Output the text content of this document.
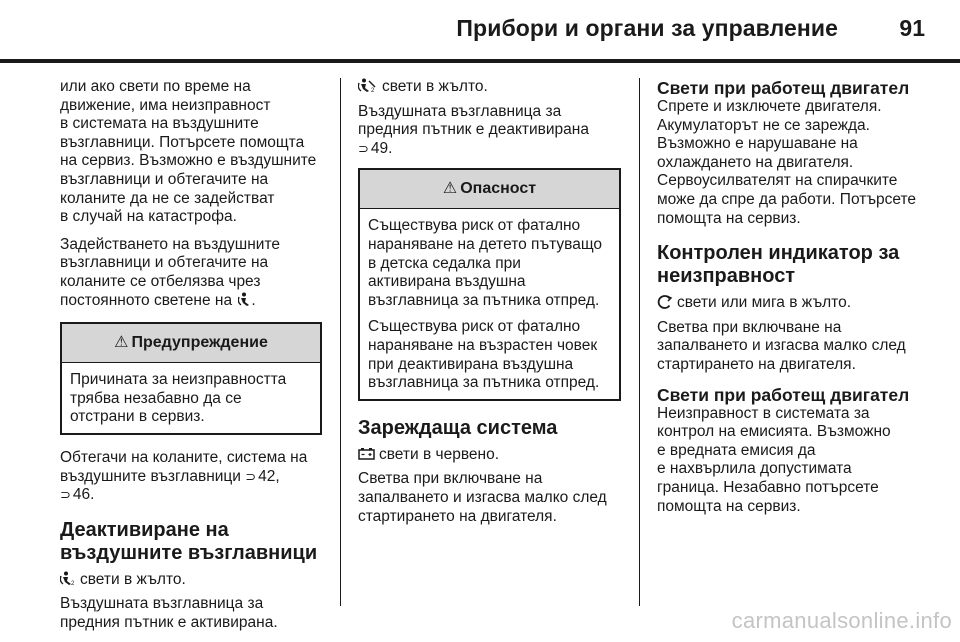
Прибори и органи за управление	91

или ако свети по време на
движение, има неизправност
в системата на въздушните
възглавници. Потърсете помощта
на сервиз. Възможно е въздушните
възглавници и обтегачите на
коланите да не се задействат
в случай на катастрофа.

Задействането на въздушните
възглавници и обтегачите на
коланите се отбелязва чрез
постоянното светене на .

⚠ Предупреждение

Причината за неизправността
трябва незабавно да се
отстрани в сервиз.

Обтегачи на коланите, система на
въздушните възглавници ⊃ 42,
⊃ 46.

Деактивиране на
въздушните възглавници

2 свети в жълто.

Въздушната възглавница за
предния пътник е активирана.

2 свети в жълто.

Въздушната възглавница за
предния пътник е деактивирана
⊃ 49.

⚠ Опасност

Съществува риск от фатално
нараняване на детето пътуващо
в детска седалка при
активирана въздушна
възглавница за пътника отпред.

Съществува риск от фатално
нараняване на възрастен човек
при деактивирана въздушна
възглавница за пътника отпред.

Зареждаща система

свети в червено.

Светва при включване на
запалването и изгасва малко след
стартирането на двигателя.

Свети при работещ двигател

Спрете и изключете двигателя.
Акумулаторът не се зарежда.
Възможно е нарушаване на
охлаждането на двигателя.
Сервоусилвателят на спирачките
може да спре да работи. Потърсете
помощта на сервиз.

Контролен индикатор за
неизправност

свети или мига в жълто.

Светва при включване на
запалването и изгасва малко след
стартирането на двигателя.

Свети при работещ двигател

Неизправност в системата за
контрол на емисията. Възможно
е вредната емисия да
е нахвърлила допустимата
граница. Незабавно потърсете
помощта на сервиз.

carmanualsonline.info
